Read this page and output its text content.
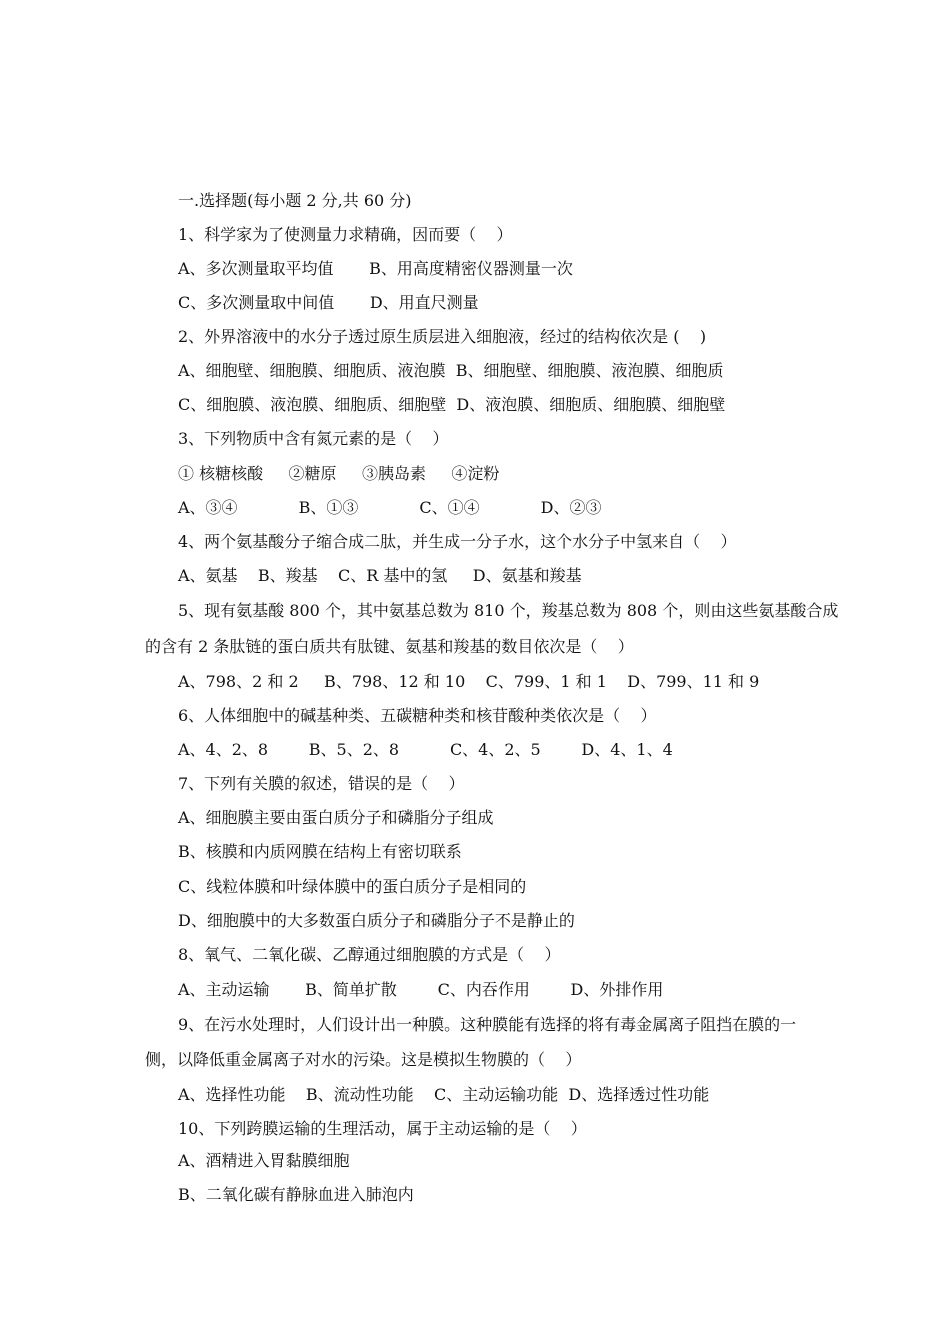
一.选择题(每小题 2 分,共 60 分)
1、科学家为了使测量力求精确，因而要（    ）
A、多次测量取平均值       B、用高度精密仪器测量一次
C、多次测量取中间值       D、用直尺测量
2、外界溶液中的水分子透过原生质层进入细胞液，经过的结构依次是 (    )
A、细胞壁、细胞膜、细胞质、液泡膜  B、细胞壁、细胞膜、液泡膜、细胞质
C、细胞膜、液泡膜、细胞质、细胞壁  D、液泡膜、细胞质、细胞膜、细胞壁
3、下列物质中含有氮元素的是（    ）
① 核糖核酸     ②糖原     ③胰岛素     ④淀粉
A、③④            B、①③            C、①④            D、②③
4、两个氨基酸分子缩合成二肽，并生成一分子水，这个水分子中氢来自（    ）
A、氨基    B、羧基    C、R 基中的氢     D、氨基和羧基
5、现有氨基酸 800 个，其中氨基总数为 810 个，羧基总数为 808 个，则由这些氨基酸合成
的含有 2 条肽链的蛋白质共有肽键、氨基和羧基的数目依次是（    ）
A、798、2 和 2     B、798、12 和 10    C、799、1 和 1    D、799、11 和 9
6、人体细胞中的碱基种类、五碳糖种类和核苷酸种类依次是（    ）
A、4、2、8        B、5、2、8          C、4、2、5        D、4、1、4
7、下列有关膜的叙述，错误的是（    ）
A、细胞膜主要由蛋白质分子和磷脂分子组成
B、核膜和内质网膜在结构上有密切联系
C、线粒体膜和叶绿体膜中的蛋白质分子是相同的
D、细胞膜中的大多数蛋白质分子和磷脂分子不是静止的
8、氧气、二氧化碳、乙醇通过细胞膜的方式是（    ）
A、主动运输       B、简单扩散        C、内吞作用        D、外排作用
9、在污水处理时，人们设计出一种膜。这种膜能有选择的将有毒金属离子阻挡在膜的一
侧，以降低重金属离子对水的污染。这是模拟生物膜的（    ）
A、选择性功能    B、流动性功能    C、主动运输功能  D、选择透过性功能
10、下列跨膜运输的生理活动，属于主动运输的是（    ）
A、酒精进入胃黏膜细胞
B、二氧化碳有静脉血进入肺泡内
